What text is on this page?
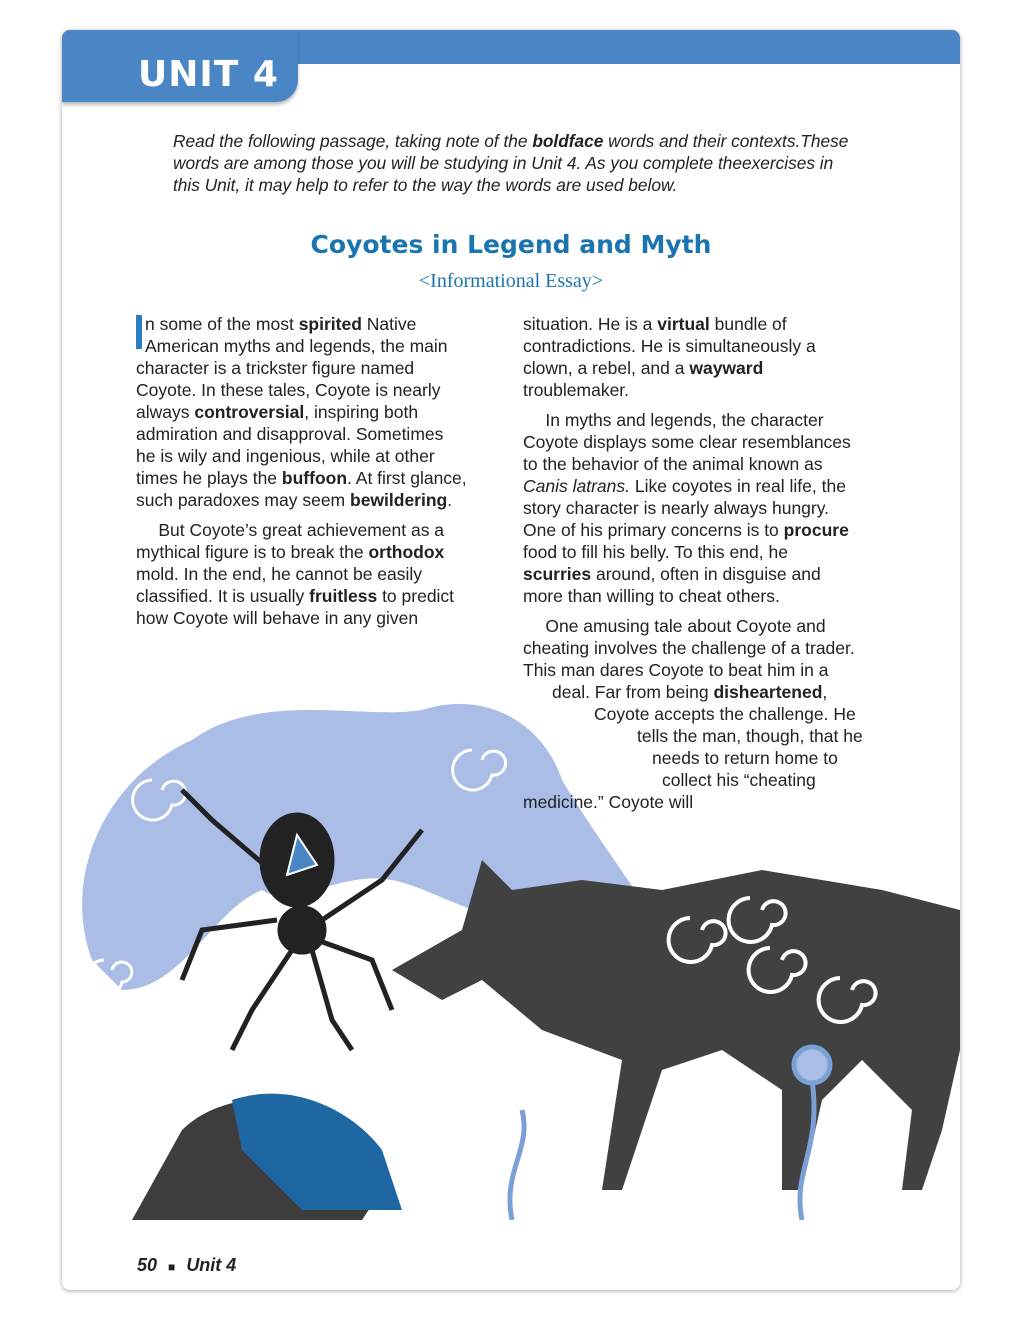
UNIT 4
Read the following passage, taking note of the boldface words and their contexts.These words are among those you will be studying in Unit 4. As you complete theexercises in this Unit, it may help to refer to the way the words are used below.
Coyotes in Legend and Myth
<Informational Essay>
n some of the most spirited Native
American myths and legends, the main
character is a trickster figure named
Coyote. In these tales, Coyote is nearly
always controversial, inspiring both
admiration and disapproval. Sometimes
he is wily and ingenious, while at other
times he plays the buffoon. At first glance,
such paradoxes may seem bewildering.
  But Coyote’s great achievement as a
mythical figure is to break the orthodox
mold. In the end, he cannot be easily
classified. It is usually fruitless to predict
how Coyote will behave in any given
situation. He is a virtual bundle of
contradictions. He is simultaneously a
clown, a rebel, and a wayward
troublemaker.
  In myths and legends, the character
Coyote displays some clear resemblances
to the behavior of the animal known as
Canis latrans. Like coyotes in real life, the
story character is nearly always hungry.
One of his primary concerns is to procure
food to fill his belly. To this end, he
scurries around, often in disguise and
more than willing to cheat others.
  One amusing tale about Coyote and
cheating involves the challenge of a trader.
This man dares Coyote to beat him in a
deal. Far from being disheartened,
Coyote accepts the challenge. He
tells the man, though, that he
needs to return home to
collect his “cheating
medicine.” Coyote will
50 ■ Unit 4
